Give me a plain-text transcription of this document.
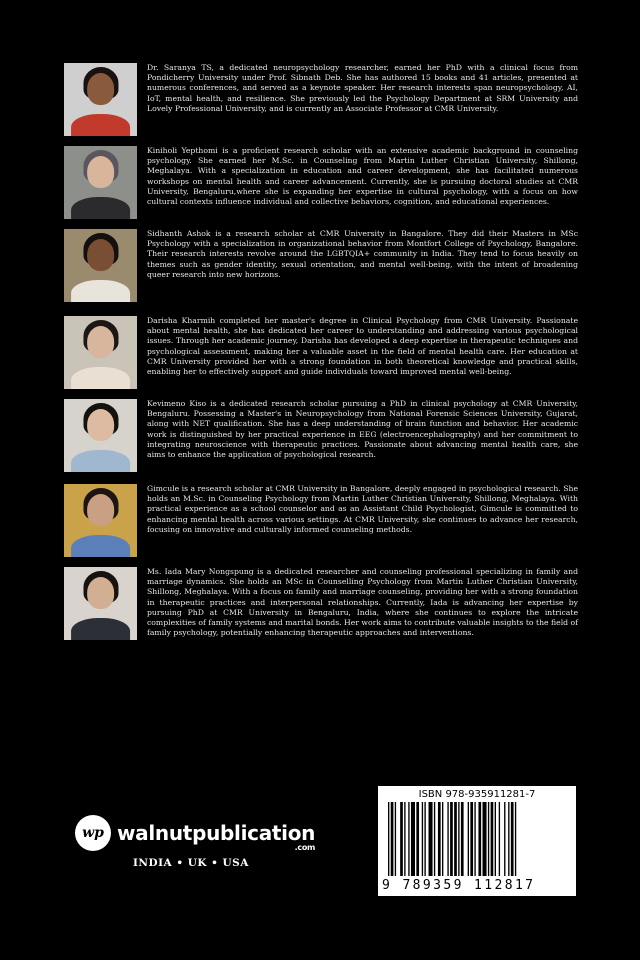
Dr. Saranya TS, a dedicated neuropsychology researcher, earned her PhD with a clinical focus from Pondicherry University under Prof. Sibnath Deb. She has authored 15 books and 41 articles, presented at numerous conferences, and served as a keynote speaker. Her research interests span neuropsychology, AI, IoT, mental health, and resilience. She previously led the Psychology Department at SRM University and Lovely Professional University, and is currently an Associate Professor at CMR University.
Kiniholi Yepthomi is a proficient research scholar with an extensive academic background in counseling psychology. She earned her M.Sc. in Counseling from Martin Luther Christian University, Shillong, Meghalaya. With a specialization in education and career development, she has facilitated numerous workshops on mental health and career advancement. Currently, she is pursuing doctoral studies at CMR University, Bengaluru,where she is expanding her expertise in cultural psychology, with a focus on how cultural contexts influence individual and collective behaviors, cognition, and educational experiences.
Sidhanth Ashok is a research scholar at CMR University in Bangalore. They did their Masters in MSc Psychology with a specialization in organizational behavior from Montfort College of Psychology, Bangalore. Their research interests revolve around the LGBTQIA+ community in India. They tend to focus heavily on themes such as gender identity, sexual orientation, and mental well-being, with the intent of broadening queer research into new horizons.
Darisha Kharmih completed her master's degree in Clinical Psychology from CMR University. Passionate about mental health, she has dedicated her career to understanding and addressing various psychological issues. Through her academic journey, Darisha has developed a deep expertise in therapeutic techniques and psychological assessment, making her a valuable asset in the field of mental health care. Her education at CMR University provided her with a strong foundation in both theoretical knowledge and practical skills, enabling her to effectively support and guide individuals toward improved mental well-being.
Kevimeno Kiso is a dedicated research scholar pursuing a PhD in clinical psychology at CMR University, Bengaluru. Possessing a Master's in Neuropsychology from National Forensic Sciences University, Gujarat, along with NET qualification. She has a deep understanding of brain function and behavior. Her academic work is distinguished by her practical experience in EEG (electroencephalography) and her commitment to integrating neuroscience with therapeutic practices. Passionate about advancing mental health care, she aims to enhance the application of psychological research.
Gimcule is a research scholar at CMR University in Bangalore, deeply engaged in psychological research. She holds an M.Sc. in Counseling Psychology from Martin Luther Christian University, Shillong, Meghalaya. With practical experience as a school counselor and as an Assistant Child Psychologist, Gimcule is committed to enhancing mental health across various settings. At CMR University, she continues to advance her research, focusing on innovative and culturally informed counseling methods.
Ms. Iada Mary Nongspung is a dedicated researcher and counseling professional specializing in family and marriage dynamics. She holds an MSc in Counselling Psychology from Martin Luther Christian University, Shillong, Meghalaya. With a focus on family and marriage counseling, providing her with a strong foundation in therapeutic practices and interpersonal relationships. Currently, Iada is advancing her expertise by pursuing PhD at CMR University in Bengaluru, India, where she continues to explore the intricate complexities of family systems and marital bonds. Her work aims to contribute valuable insights to the field of family psychology, potentially enhancing therapeutic approaches and interventions.
wp walnutpublication
.com
INDIA • UK • USA
ISBN 978-935911281-7
9 789359 112817
